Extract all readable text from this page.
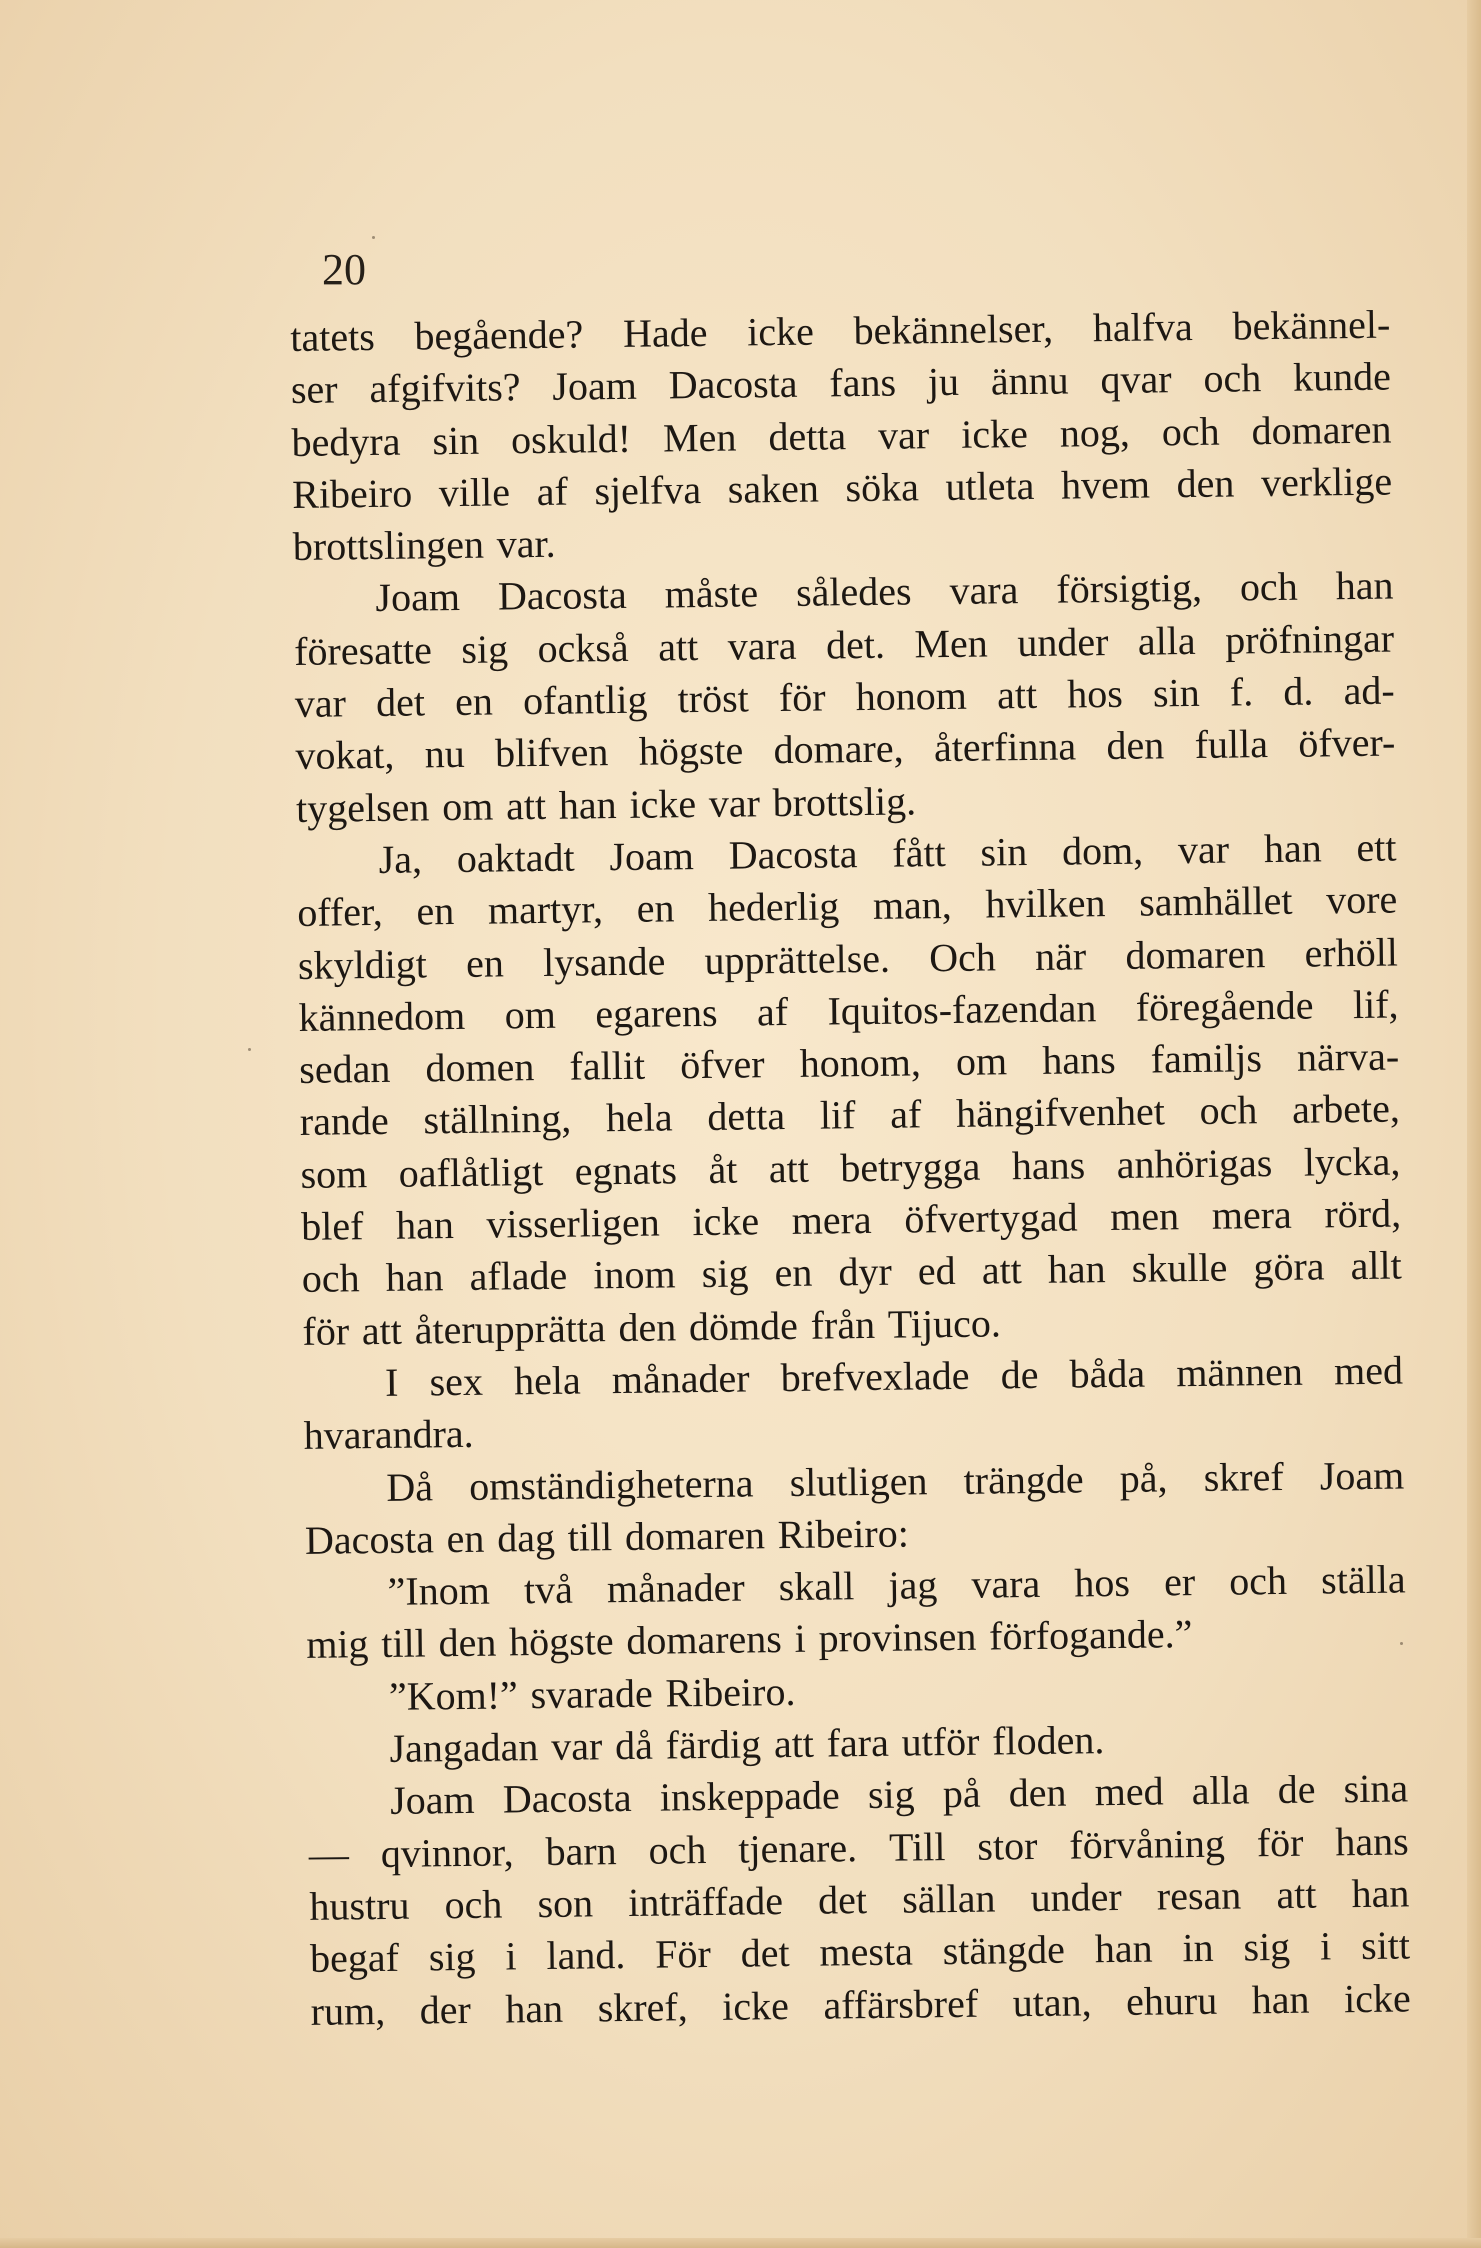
20
tatets begående? Hade icke bekännelser, halfva bekännel-
ser afgifvits? Joam Dacosta fans ju ännu qvar och kunde
bedyra sin oskuld! Men detta var icke nog, och domaren
Ribeiro ville af sjelfva saken söka utleta hvem den verklige
brottslingen var.
Joam Dacosta måste således vara försigtig, och han
föresatte sig också att vara det. Men under alla pröfningar
var det en ofantlig tröst för honom att hos sin f. d. ad-
vokat, nu blifven högste domare, återfinna den fulla öfver-
tygelsen om att han icke var brottslig.
Ja, oaktadt Joam Dacosta fått sin dom, var han ett
offer, en martyr, en hederlig man, hvilken samhället vore
skyldigt en lysande upprättelse. Och när domaren erhöll
kännedom om egarens af Iquitos-fazendan föregående lif,
sedan domen fallit öfver honom, om hans familjs närva-
rande ställning, hela detta lif af hängifvenhet och arbete,
som oaflåtligt egnats åt att betrygga hans anhörigas lycka,
blef han visserligen icke mera öfvertygad men mera rörd,
och han aflade inom sig en dyr ed att han skulle göra allt
för att återupprätta den dömde från Tijuco.
I sex hela månader brefvexlade de båda männen med
hvarandra.
Då omständigheterna slutligen trängde på, skref Joam
Dacosta en dag till domaren Ribeiro:
”Inom två månader skall jag vara hos er och ställa
mig till den högste domarens i provinsen förfogande.”
”Kom!” svarade Ribeiro.
Jangadan var då färdig att fara utför floden.
Joam Dacosta inskeppade sig på den med alla de sina
— qvinnor, barn och tjenare. Till stor förvåning för hans
hustru och son inträffade det sällan under resan att han
begaf sig i land. För det mesta stängde han in sig i sitt
rum, der han skref, icke affärsbref utan, ehuru han icke
